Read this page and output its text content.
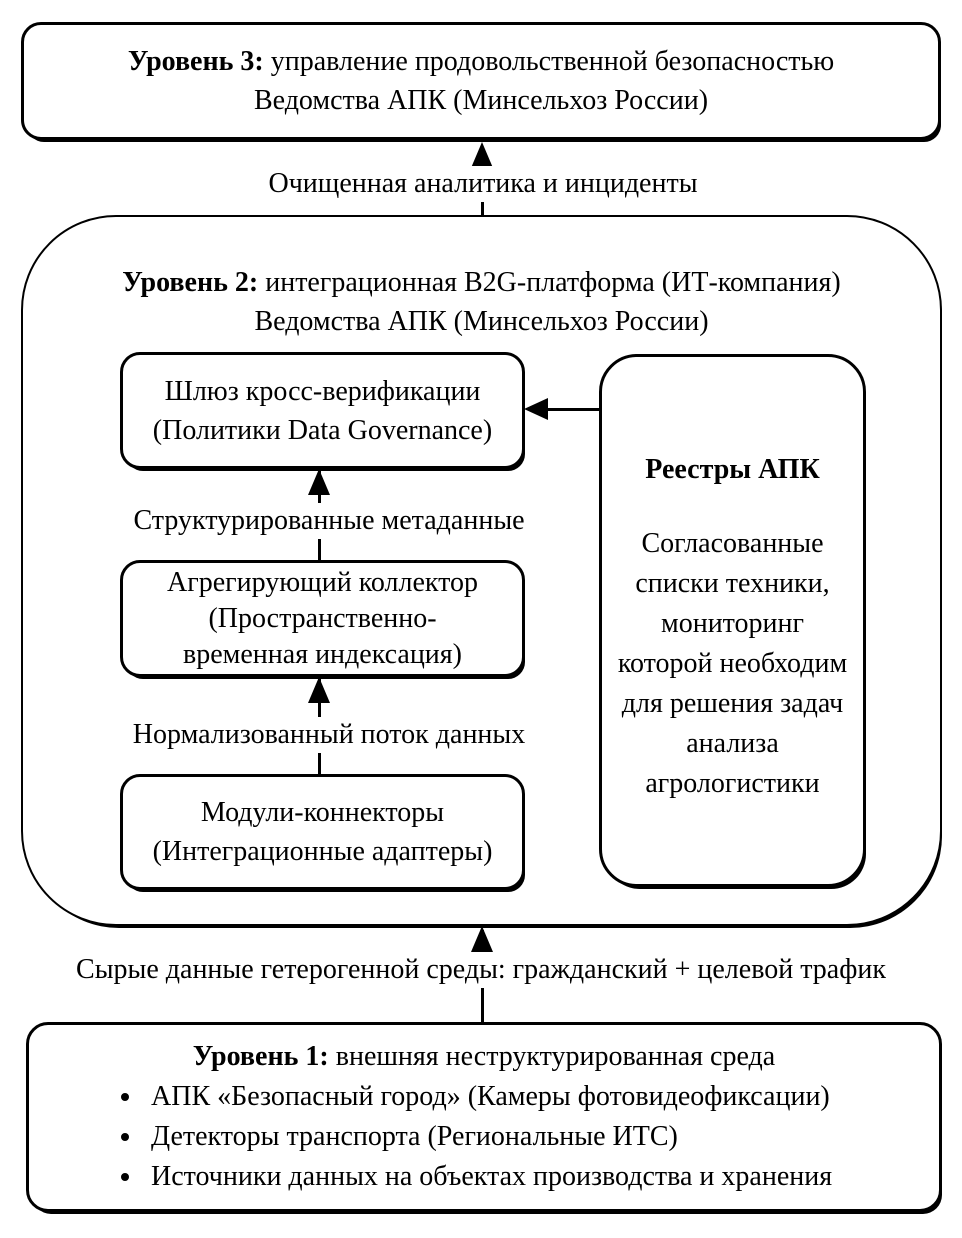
Уровень 3: управление продовольственной безопасностью
Ведомства АПК (Минсельхоз России)
Очищенная аналитика и инциденты
Уровень 2: интеграционная B2G-платформа (ИТ-компания)
Ведомства АПК (Минсельхоз России)
Шлюз кросс-верификации
(Политики Data Governance)
Структурированные метаданные
Агрегирующий коллектор
(Пространственно-
временная индексация)
Нормализованный поток данных
Модули-коннекторы
(Интеграционные адаптеры)
Реестры АПК
Согласованные
списки техники,
мониторинг
которой необходим
для решения задач
анализа
агрологистики
Сырые данные гетерогенной среды: гражданский + целевой трафик
Уровень 1: внешняя неструктурированная среда
АПК «Безопасный город» (Камеры фотовидеофиксации)
Детекторы транспорта (Региональные ИТС)
Источники данных на объектах производства и хранения
